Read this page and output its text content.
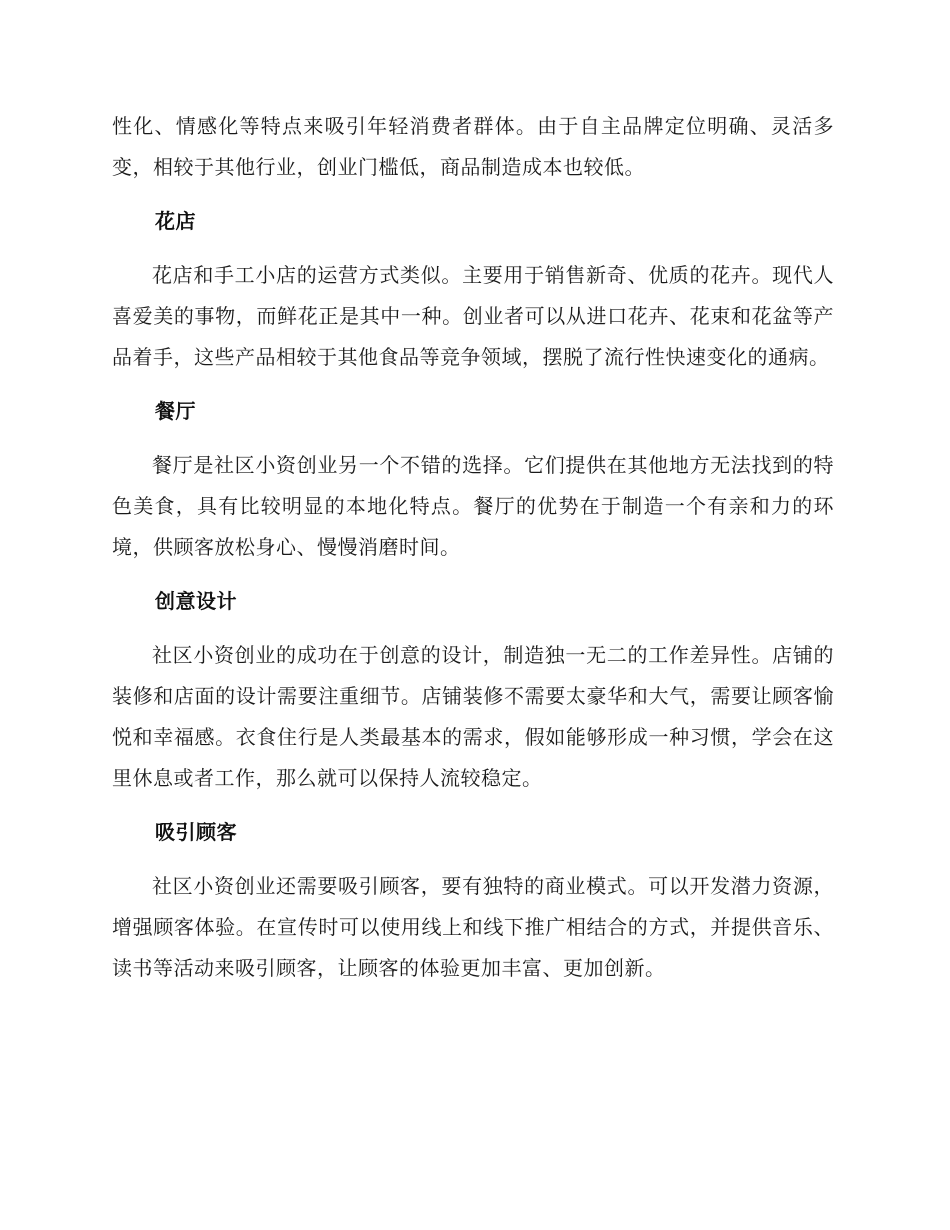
性化、情感化等特点来吸引年轻消费者群体。由于自主品牌定位明确、灵活多变，相较于其他行业，创业门槛低，商品制造成本也较低。

花店

花店和手工小店的运营方式类似。主要用于销售新奇、优质的花卉。现代人喜爱美的事物，而鲜花正是其中一种。创业者可以从进口花卉、花束和花盆等产品着手，这些产品相较于其他食品等竞争领域，摆脱了流行性快速变化的通病。

餐厅

餐厅是社区小资创业另一个不错的选择。它们提供在其他地方无法找到的特色美食，具有比较明显的本地化特点。餐厅的优势在于制造一个有亲和力的环境，供顾客放松身心、慢慢消磨时间。

创意设计

社区小资创业的成功在于创意的设计，制造独一无二的工作差异性。店铺的装修和店面的设计需要注重细节。店铺装修不需要太豪华和大气，需要让顾客愉悦和幸福感。衣食住行是人类最基本的需求，假如能够形成一种习惯，学会在这里休息或者工作，那么就可以保持人流较稳定。

吸引顾客

社区小资创业还需要吸引顾客，要有独特的商业模式。可以开发潜力资源，增强顾客体验。在宣传时可以使用线上和线下推广相结合的方式，并提供音乐、读书等活动来吸引顾客，让顾客的体验更加丰富、更加创新。
